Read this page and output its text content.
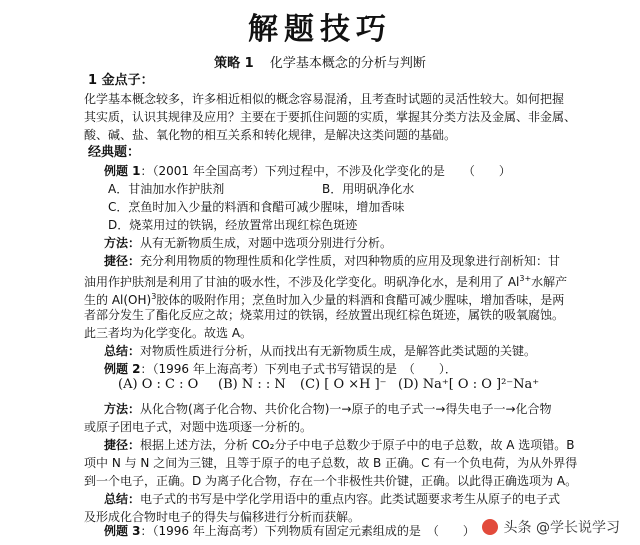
解题技巧
策略 1 化学基本概念的分析与判断
1 金点子：
化学基本概念较多，许多相近相似的概念容易混淆，且考查时试题的灵活性较大。如何把握
其实质，认识其规律及应用？主要在于要抓住问题的实质，掌握其分类方法及金属、非金属、
酸、碱、盐、氧化物的相互关系和转化规律，是解决这类问题的基础。
经典题：
例题 1：（2001 年全国高考）下列过程中，不涉及化学变化的是　　（　　）
A．甘油加水作护肤剂	B．用明矾净化水
C．烹鱼时加入少量的料酒和食醋可减少腥味，增加香味
D．烧菜用过的铁锅，经放置常出现红棕色斑迹
方法：从有无新物质生成，对题中选项分别进行分析。
捷径：充分利用物质的物理性质和化学性质，对四种物质的应用及现象进行剖析知：甘
油用作护肤剂是利用了甘油的吸水性，不涉及化学变化。明矾净化水，是利用了 $Al^{3+}$水解产
生的 Al(OH)$^3$胶体的吸附作用；烹鱼时加入少量的料酒和食醋可减少腥味，增加香味，是两
者部分发生了酯化反应之故；烧菜用过的铁锅，经放置出现红棕色斑迹，属铁的吸氧腐蚀。
此三者均为化学变化。故选 A。
总结：对物质性质进行分析，从而找出有无新物质生成，是解答此类试题的关键。
例题 2：（1996 年上海高考）下列电子式书写错误的是　（　　）．
(A) O : C : O (B) N : : N (C) [ O ×H ]⁻ (D) Na⁺[ O : O ]²⁻Na⁺
方法：从化合物(离子化合物、共价化合物)一→原子的电子式一→得失电子一→化合物
或原子团电子式，对题中选项逐一分析的。
捷径：根据上述方法，分析 CO₂分子中电子总数少于原子中的电子总数，故 A 选项错。B
项中 N 与 N 之间为三键，且等于原子的电子总数，故 B 正确。C 有一个负电荷，为从外界得
到一个电子，正确。D 为离子化合物，存在一个非极性共价键，正确。以此得正确选项为 A。
总结：电子式的书写是中学化学用语中的重点内容。此类试题要求考生从原子的电子式
及形成化合物时电子的得失与偏移进行分析而获解。
例题 3：（1996 年上海高考）下列物质有固定元素组成的是　（　　） 头条 @学长说学习
